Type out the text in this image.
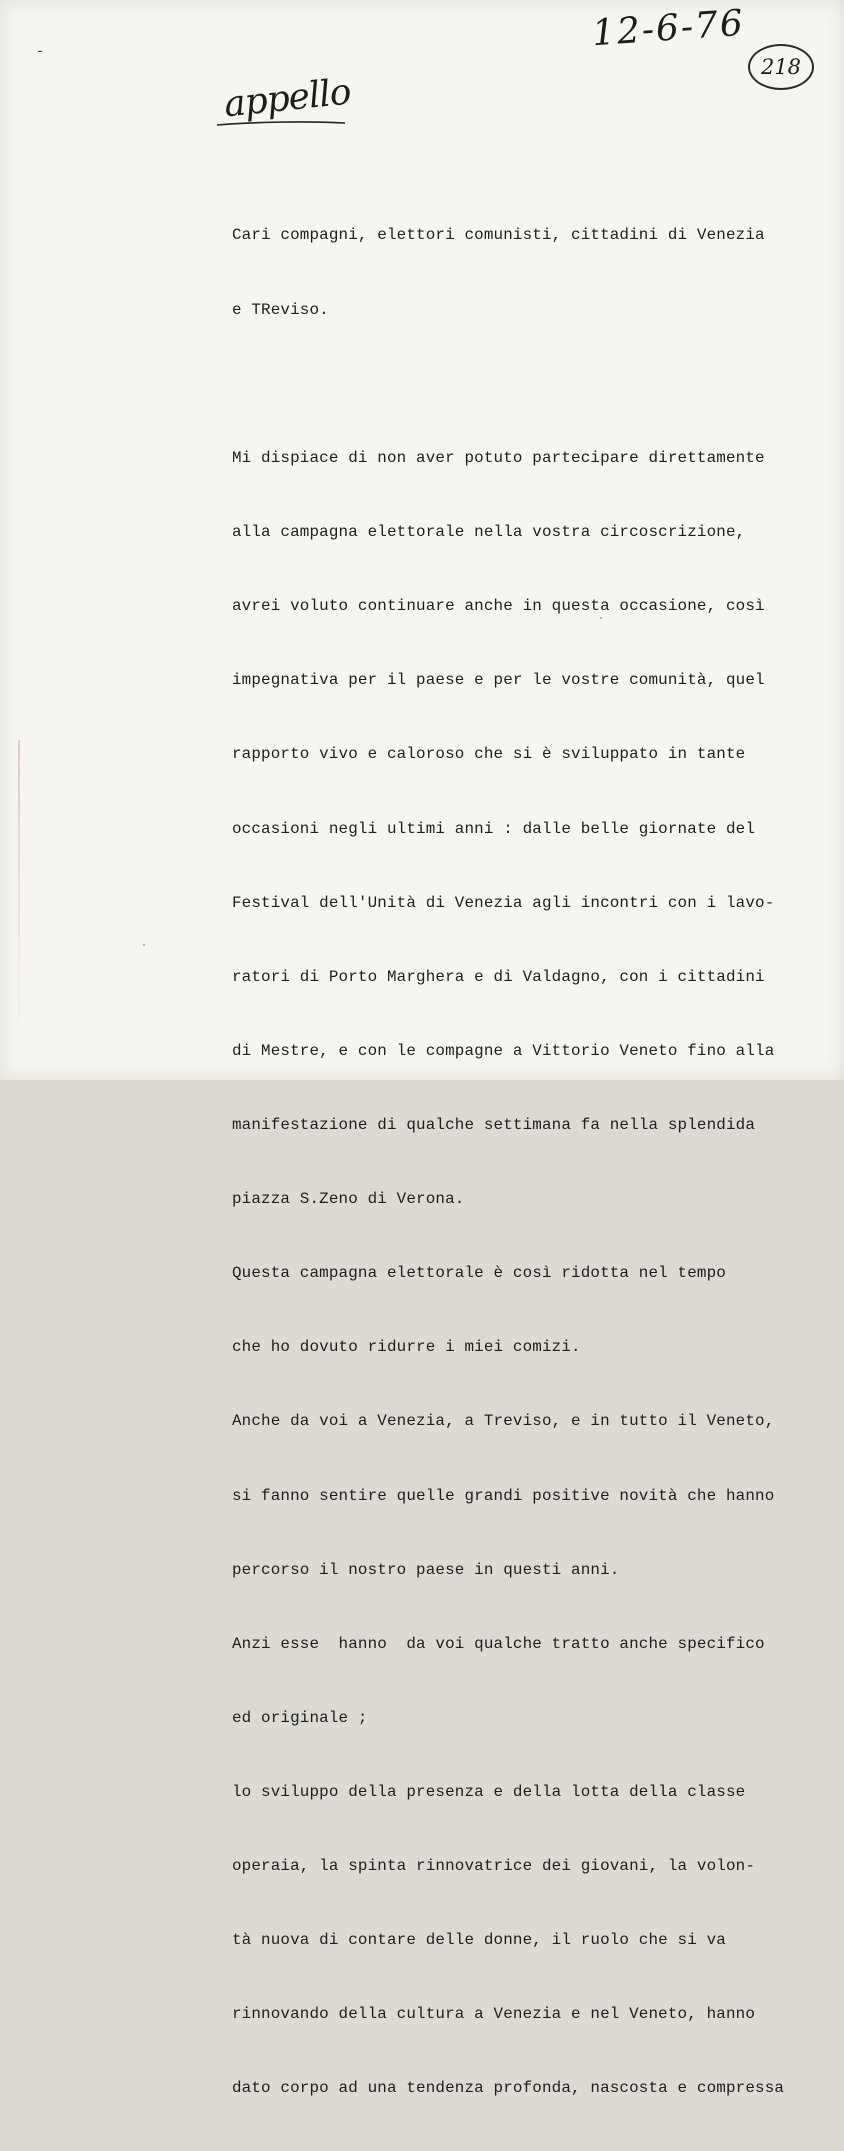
-	12-6-76
218
appello

Cari compagni, elettori comunisti, cittadini di Venezia

e TReviso.

Mi dispiace di non aver potuto partecipare direttamente

alla campagna elettorale nella vostra circoscrizione,

avrei voluto continuare anche in questa occasione, così

impegnativa per il paese e per le vostre comunità, quel

rapporto vivo e caloroso che si è sviluppato in tante

occasioni negli ultimi anni : dalle belle giornate del

Festival dell'Unità di Venezia agli incontri con i lavo-

ratori di Porto Marghera e di Valdagno, con i cittadini

di Mestre, e con le compagne a Vittorio Veneto fino alla

manifestazione di qualche settimana fa nella splendida

piazza S.Zeno di Verona.

Questa campagna elettorale è così ridotta nel tempo

che ho dovuto ridurre i miei comizi.

Anche da voi a Venezia, a Treviso, e in tutto il Veneto,

si fanno sentire quelle grandi positive novità che hanno

percorso il nostro paese in questi anni.

Anzi esse  hanno  da voi qualche tratto anche specifico

ed originale ;

lo sviluppo della presenza e della lotta della classe

operaia, la spinta rinnovatrice dei giovani, la volon-

tà nuova di contare delle donne, il ruolo che si va

rinnovando della cultura a Venezia e nel Veneto, hanno

dato corpo ad una tendenza profonda, nascosta e compressa
